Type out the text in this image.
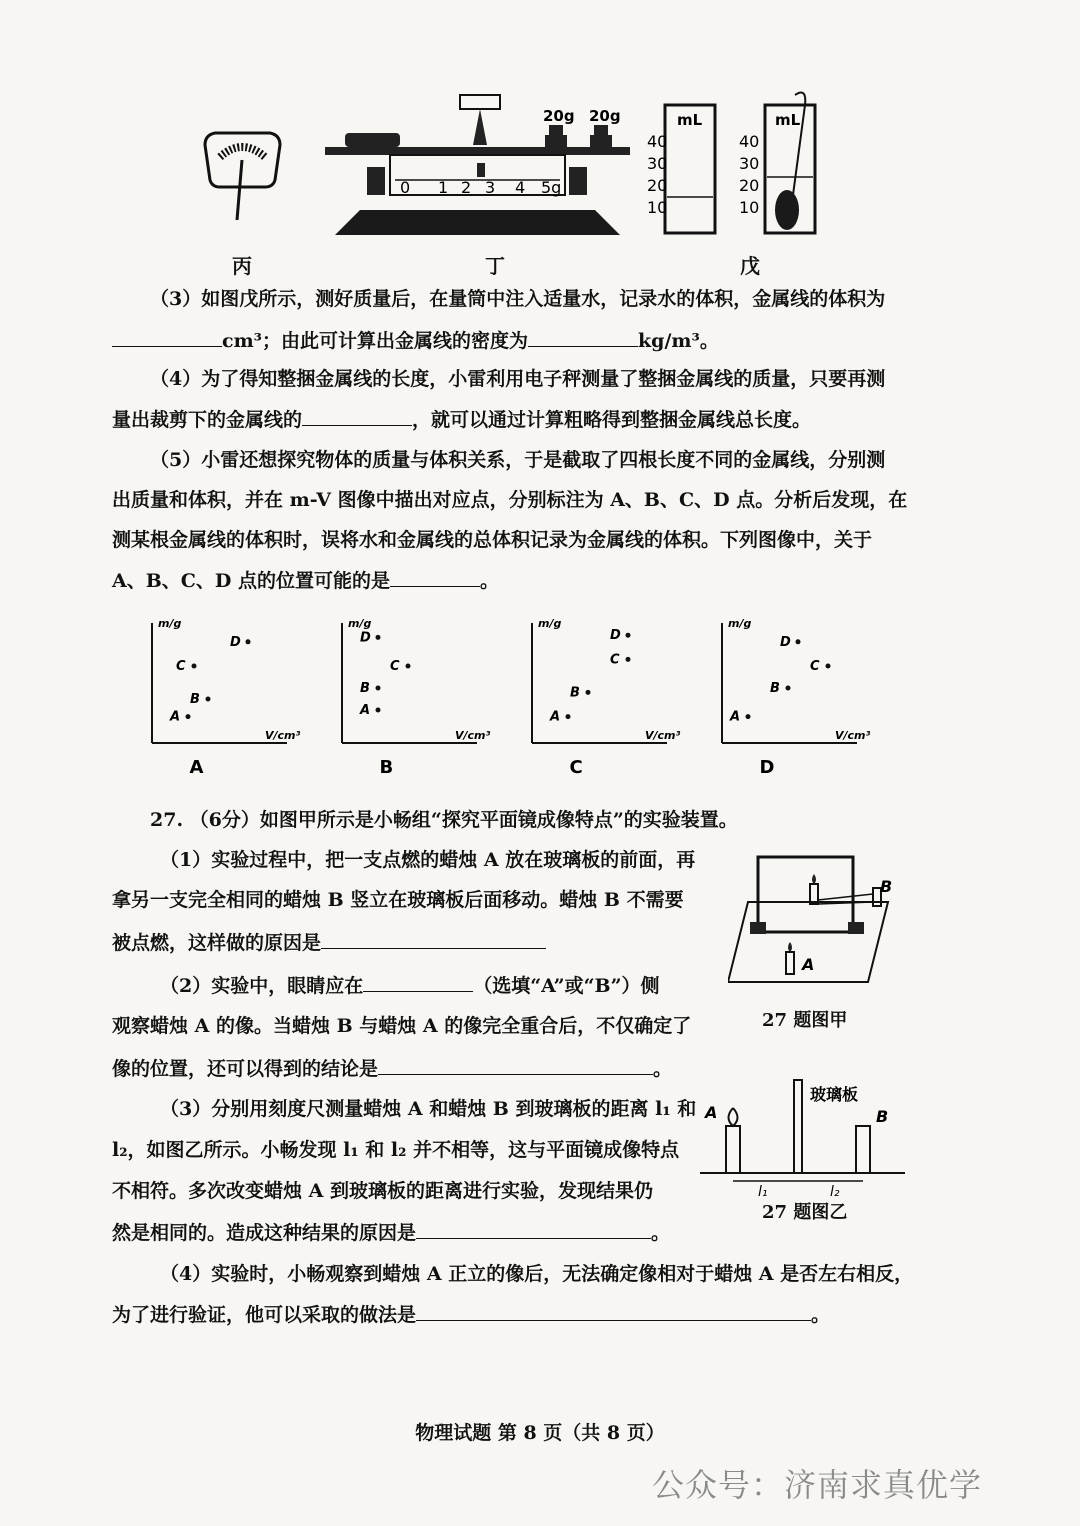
20g 20g
0 1 2 3 4 5g
mL
40
30
20
10
mL
40
30
20
10
丙	丁	戊
（3）如图戊所示，测好质量后，在量筒中注入适量水，记录水的体积，金属线的体积为
cm³；由此可计算出金属线的密度为	kg/m³。
（4）为了得知整捆金属线的长度，小雷利用电子秤测量了整捆金属线的质量，只要再测
量出裁剪下的金属线的	，就可以通过计算粗略得到整捆金属线总长度。
（5）小雷还想探究物体的质量与体积关系，于是截取了四根长度不同的金属线，分别测
出质量和体积，并在 m-V 图像中描出对应点，分别标注为 A、B、C、D 点。分析后发现，在
测某根金属线的体积时，误将水和金属线的总体积记录为金属线的体积。下列图像中，关于
A、B、C、D 点的位置可能的是	。
m/g
V/cm³
A
A
B
C
D
m/g
V/cm³
B
A
B
C
D
m/g
V/cm³
C
A
B
C
D
m/g
V/cm³
D
A
B
C
D
27. （6分）如图甲所示是小畅组“探究平面镜成像特点”的实验装置。
（1）实验过程中，把一支点燃的蜡烛 A 放在玻璃板的前面，再
拿另一支完全相同的蜡烛 B 竖立在玻璃板后面移动。蜡烛 B 不需要
被点燃，这样做的原因是
（2）实验中，眼睛应在	（选填“A”或“B”）侧
观察蜡烛 A 的像。当蜡烛 B 与蜡烛 A 的像完全重合后，不仅确定了
像的位置，还可以得到的结论是	。
（3）分别用刻度尺测量蜡烛 A 和蜡烛 B 到玻璃板的距离 l₁ 和
l₂，如图乙所示。小畅发现 l₁ 和 l₂ 并不相等，这与平面镜成像特点
不相符。多次改变蜡烛 A 到玻璃板的距离进行实验，发现结果仍
然是相同的。造成这种结果的原因是	。
（4）实验时，小畅观察到蜡烛 A 正立的像后，无法确定像相对于蜡烛 A 是否左右相反，
为了进行验证，他可以采取的做法是	。
B
A
27 题图甲
A	B
玻璃板
l₁	l₂
27 题图乙
物理试题 第 8 页（共 8 页）
公众号：济南求真优学
